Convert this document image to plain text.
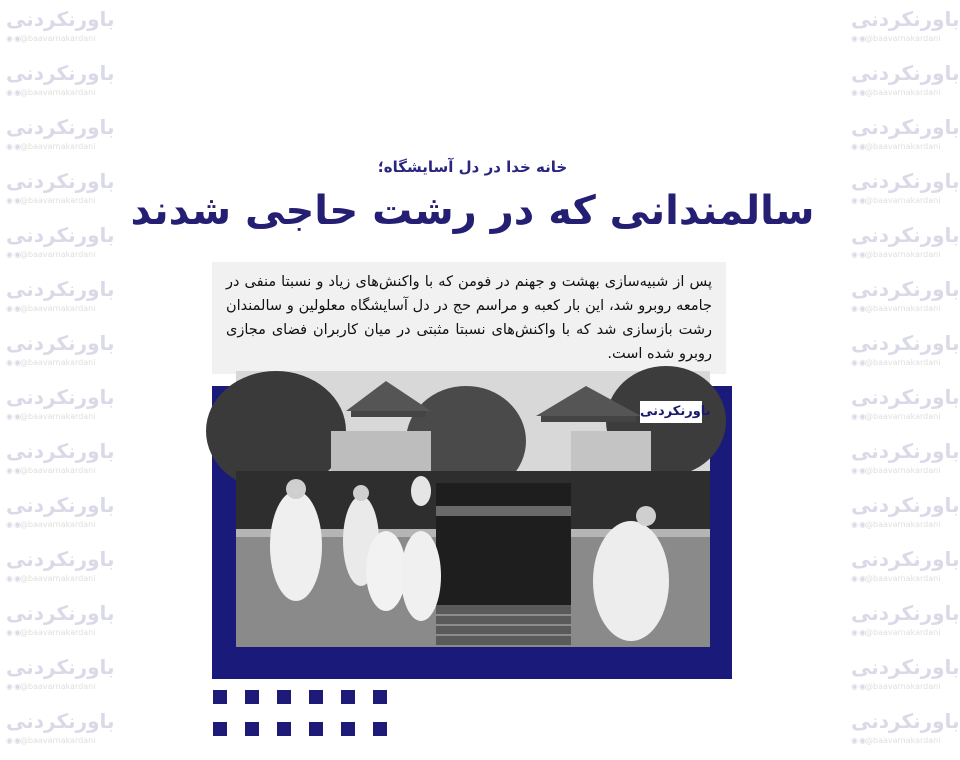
باورنکردنی
◉◉
@baavarnakardani
باورنکردنی
◉◉
@baavarnakardani
باورنکردنی
◉◉
@baavarnakardani
باورنکردنی
◉◉
@baavarnakardani
باورنکردنی
◉◉
@baavarnakardani
باورنکردنی
◉◉
@baavarnakardani
باورنکردنی
◉◉
@baavarnakardani
باورنکردنی
◉◉
@baavarnakardani
باورنکردنی
◉◉
@baavarnakardani
باورنکردنی
◉◉
@baavarnakardani
باورنکردنی
◉◉
@baavarnakardani
باورنکردنی
◉◉
@baavarnakardani
باورنکردنی
◉◉
@baavarnakardani
باورنکردنی
◉◉
@baavarnakardani
باورنکردنی
◉◉
@baavarnakardani
باورنکردنی
◉◉
@baavarnakardani
باورنکردنی
◉◉
@baavarnakardani
باورنکردنی
◉◉
@baavarnakardani
باورنکردنی
◉◉
@baavarnakardani
باورنکردنی
◉◉
@baavarnakardani
باورنکردنی
◉◉
@baavarnakardani
باورنکردنی
◉◉
@baavarnakardani
باورنکردنی
◉◉
@baavarnakardani
باورنکردنی
◉◉
@baavarnakardani
باورنکردنی
◉◉
@baavarnakardani
باورنکردنی
◉◉
@baavarnakardani
باورنکردنی
◉◉
@baavarnakardani
باورنکردنی
◉◉
@baavarnakardani
خانه خدا در دل آسایشگاه؛
سالمندانی که در رشت حاجی شدند
پس از شبیه‌سازی بهشت و جهنم در فومن که با واکنش‌های زیاد و نسبتا منفی در جامعه روبرو شد، این بار کعبه و مراسم حج در دل آسایشگاه معلولین و سالمندان رشت بازسازی شد که با واکنش‌های نسبتا مثبتی در میان کاربران فضای مجازی روبرو شده است.
باورنکردنی
